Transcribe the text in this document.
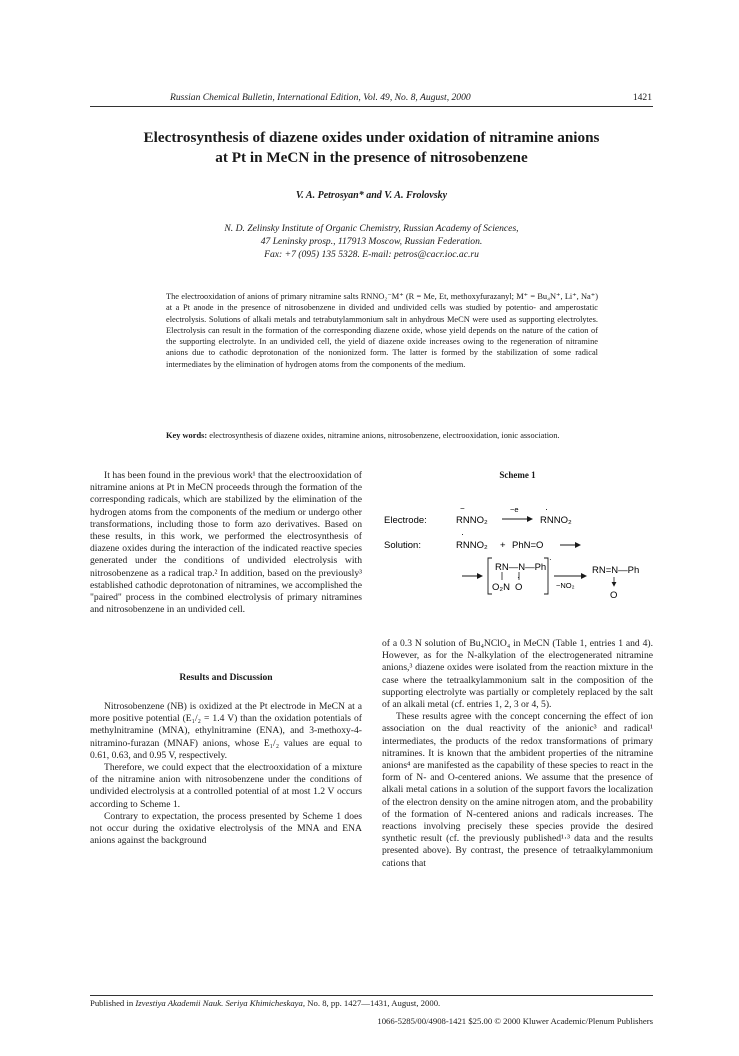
Russian Chemical Bulletin, International Edition, Vol. 49, No. 8, August, 2000	1421
Electrosynthesis of diazene oxides under oxidation of nitramine anions
at Pt in MeCN in the presence of nitrosobenzene
V. A. Petrosyan* and V. A. Frolovsky
N. D. Zelinsky Institute of Organic Chemistry, Russian Academy of Sciences,
47 Leninsky prosp., 117913 Moscow, Russian Federation.
Fax: +7 (095) 135 5328. E-mail: petros@cacr.ioc.ac.ru
The electrooxidation of anions of primary nitramine salts RNNO₂⁻M⁺ (R = Me, Et, methoxyfurazanyl; M⁺ = Bu₄N⁺, Li⁺, Na⁺) at a Pt anode in the presence of nitrosobenzene in divided and undivided cells was studied by potentio- and amperostatic electrolysis. Solutions of alkali metals and tetrabutylammonium salt in anhydrous MeCN were used as supporting electrolytes. Electrolysis can result in the formation of the corresponding diazene oxide, whose yield depends on the nature of the cation of the supporting electrolyte. In an undivided cell, the yield of diazene oxide increases owing to the regeneration of nitramine anions due to cathodic deprotonation of the nonionized form. The latter is formed by the stabilization of some radical intermediates by the elimination of hydrogen atoms from the components of the medium.
Key words: electrosynthesis of diazene oxides, nitramine anions, nitrosobenzene, electrooxidation, ionic association.

It has been found in the previous work¹ that the electrooxidation of nitramine anions at Pt in MeCN proceeds through the formation of the corresponding radicals, which are stabilized by the elimination of the hydrogen atoms from the components of the medium or undergo other transformations, including those to form azo derivatives. Based on these results, in this work, we performed the electrosynthesis of diazene oxides during the interaction of the indicated reactive species generated under the conditions of undivided electrolysis with nitrosobenzene as a radical trap.² In addition, based on the previously³ established cathodic deprotonation of nitramines, we accomplished the "paired" process in the combined electrolysis of primary nitramines and nitrosobenzene in an undivided cell.

Results and Discussion

Nitrosobenzene (NB) is oxidized at the Pt electrode in MeCN at a more positive potential (E₁/₂ = 1.4 V) than the oxidation potentials of methylnitramine (MNA), ethylnitramine (ENA), and 3-methoxy-4-nitramino-furazan (MNAF) anions, whose E₁/₂ values are equal to 0.61, 0.63, and 0.95 V, respectively.

Therefore, we could expect that the electrooxidation of a mixture of the nitramine anion with nitrosobenzene under the conditions of undivided electrolysis at a controlled potential of at most 1.2 V occurs according to Scheme 1.

Contrary to expectation, the process presented by Scheme 1 does not occur during the oxidative electrolysis of the MNA and ENA anions against the background

Scheme 1
Electrode:	RNNO₂
−	−e
RNNO₂
·
Solution:	RNNO₂
·
+ PhN=O
RN—N—Ph
·
O₂N O
·
−NO₂
RN=N—Ph
O

of a 0.3 N solution of Bu₄NClO₄ in MeCN (Table 1, entries 1 and 4). However, as for the N-alkylation of the electrogenerated nitramine anions,³ diazene oxides were isolated from the reaction mixture in the case where the tetraalkylammonium salt in the composition of the supporting electrolyte was partially or completely replaced by the salt of an alkali metal (cf. entries 1, 2, 3 or 4, 5).

These results agree with the concept concerning the effect of ion association on the dual reactivity of the anionic³ and radical¹ intermediates, the products of the redox transformations of primary nitramines. It is known that the ambident properties of the nitramine anions⁴ are manifested as the capability of these species to react in the form of N- and O-centered anions. We assume that the presence of alkali metal cations in a solution of the support favors the localization of the electron density on the amine nitrogen atom, and the probability of the formation of N-centered anions and radicals increases. The reactions involving precisely these species provide the desired synthetic result (cf. the previously published¹·³ data and the results presented above). By contrast, the presence of tetraalkylammonium cations that

Published in Izvestiya Akademii Nauk. Seriya Khimicheskaya, No. 8, pp. 1427—1431, August, 2000.
1066-5285/00/4908-1421 $25.00 © 2000 Kluwer Academic/Plenum Publishers
